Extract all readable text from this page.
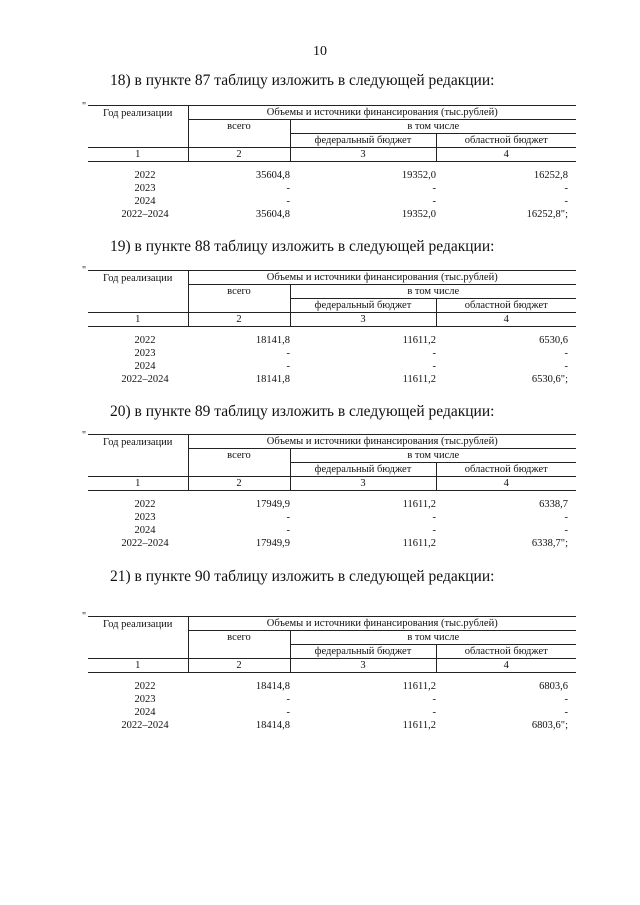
10
18) в пункте 87 таблицу изложить в следующей редакции:
"
Год реализации	Объемы и источники финансирования (тыс.рублей)		
	всего	в том числе	
		федеральный бюджет	областной бюджет
1	2	3	4
2022	35604,8	19352,0	16252,8
2023	-	-	-
2024	-	-	-
2022–2024	35604,8	19352,0	16252,8";
19) в пункте 88 таблицу изложить в следующей редакции:
"
Год реализации	Объемы и источники финансирования (тыс.рублей)		
	всего	в том числе	
		федеральный бюджет	областной бюджет
1	2	3	4
2022	18141,8	11611,2	6530,6
2023	-	-	-
2024	-	-	-
2022–2024	18141,8	11611,2	6530,6";
20) в пункте 89 таблицу изложить в следующей редакции:
"
Год реализации	Объемы и источники финансирования (тыс.рублей)		
	всего	в том числе	
		федеральный бюджет	областной бюджет
1	2	3	4
2022	17949,9	11611,2	6338,7
2023	-	-	-
2024	-	-	-
2022–2024	17949,9	11611,2	6338,7";
21) в пункте 90 таблицу изложить в следующей редакции:
"
Год реализации	Объемы и источники финансирования (тыс.рублей)		
	всего	в том числе	
		федеральный бюджет	областной бюджет
1	2	3	4
2022	18414,8	11611,2	6803,6
2023	-	-	-
2024	-	-	-
2022–2024	18414,8	11611,2	6803,6";
